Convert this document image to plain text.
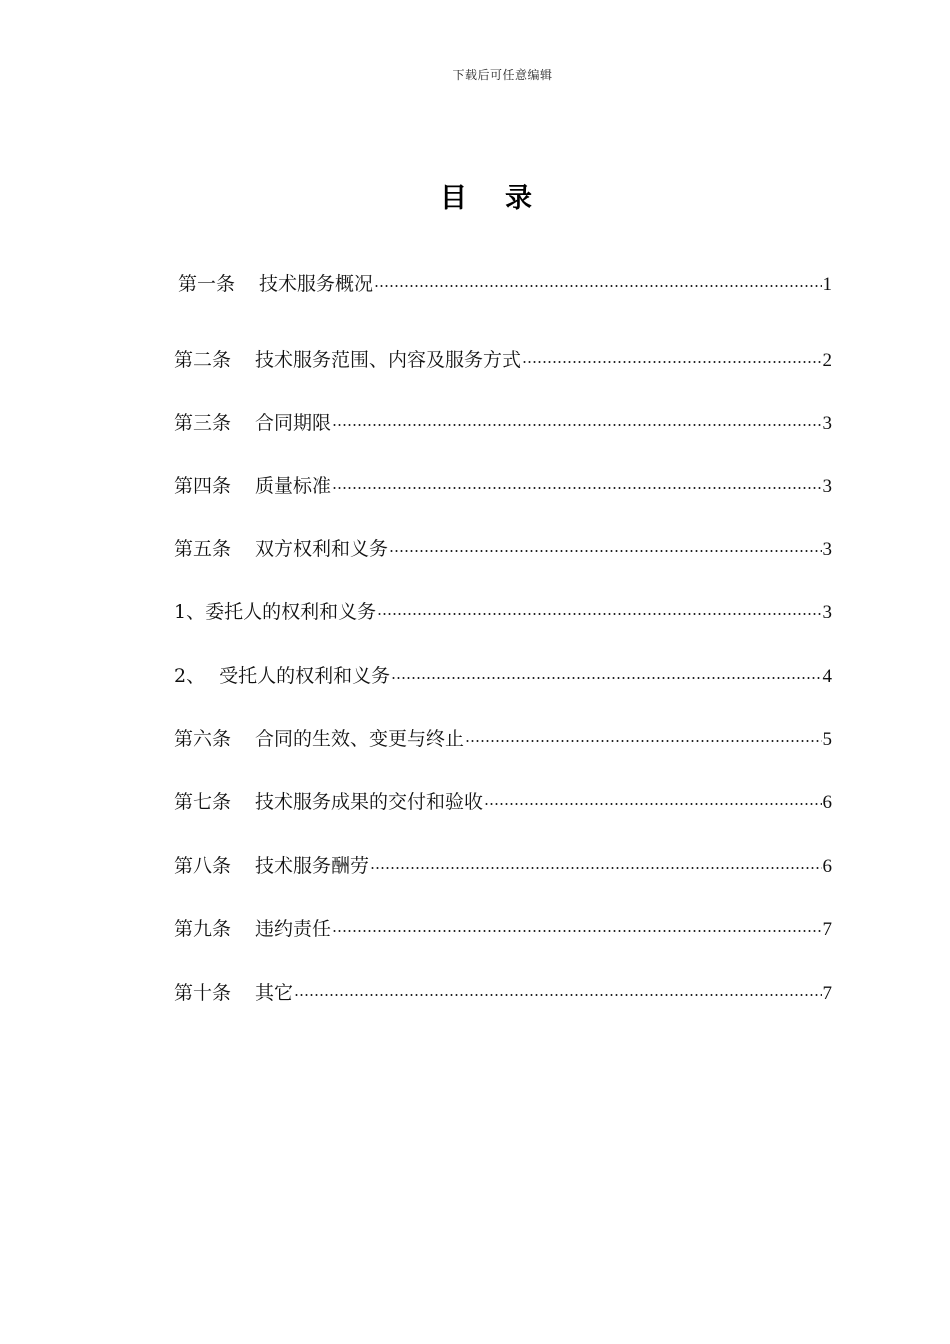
下载后可任意编辑
目录
第一条 技术服务概况	1
第二条 技术服务范围、内容及服务方式	2
第三条 合同期限	3
第四条 质量标准	3
第五条 双方权利和义务	3
1、 委托人的权利和义务	3
2、 受托人的权利和义务	4
第六条 合同的生效、变更与终止	5
第七条 技术服务成果的交付和验收	6
第八条 技术服务酬劳	6
第九条 违约责任	7
第十条 其它	7
